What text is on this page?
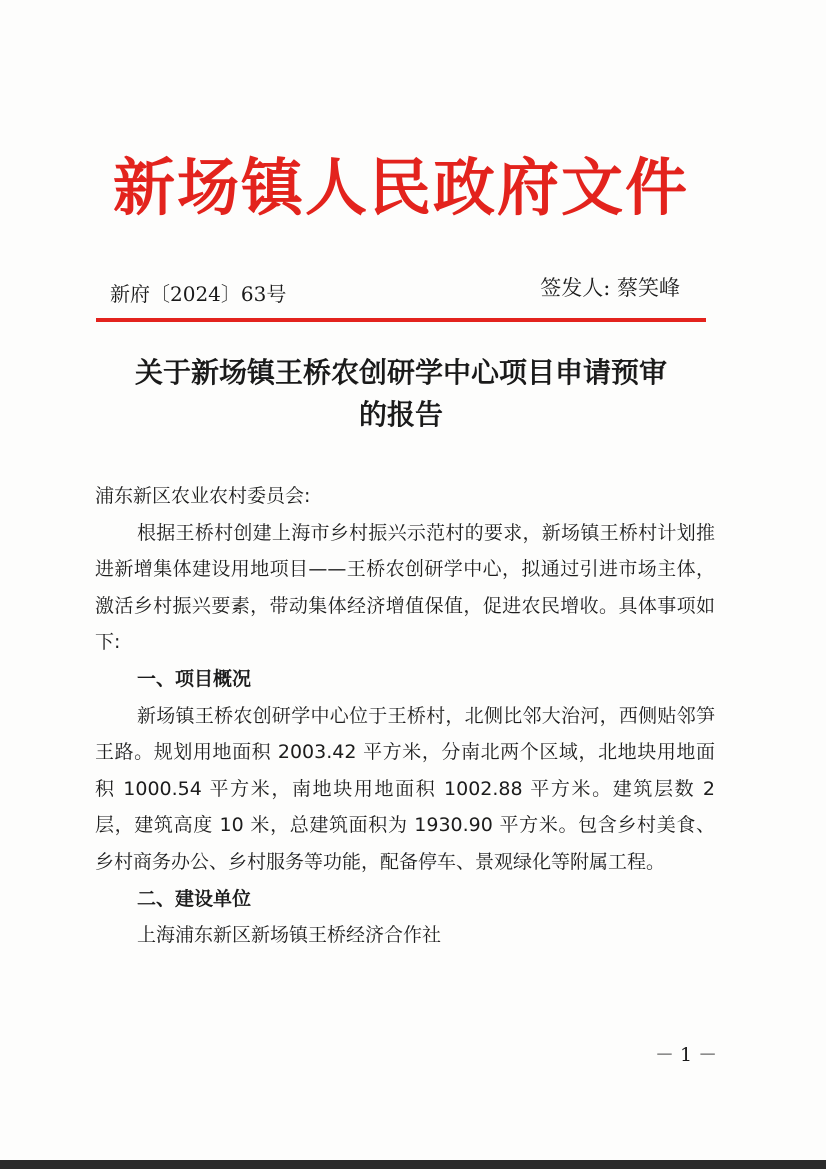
新场镇人民政府文件
新府〔2024〕63号	签发人: 蔡笑峰
关于新场镇王桥农创研学中心项目申请预审
的报告

浦东新区农业农村委员会:

根据王桥村创建上海市乡村振兴示范村的要求，新场镇王桥村计划推进新增集体建设用地项目——王桥农创研学中心，拟通过引进市场主体，激活乡村振兴要素，带动集体经济增值保值，促进农民增收。具体事项如下:

一、项目概况

新场镇王桥农创研学中心位于王桥村，北侧比邻大治河，西侧贴邻笋王路。规划用地面积 2003.42 平方米，分南北两个区域，北地块用地面积 1000.54 平方米，南地块用地面积 1002.88 平方米。建筑层数 2 层，建筑高度 10 米，总建筑面积为 1930.90 平方米。包含乡村美食、乡村商务办公、乡村服务等功能，配备停车、景观绿化等附属工程。

二、建设单位

上海浦东新区新场镇王桥经济合作社

－ 1 －
